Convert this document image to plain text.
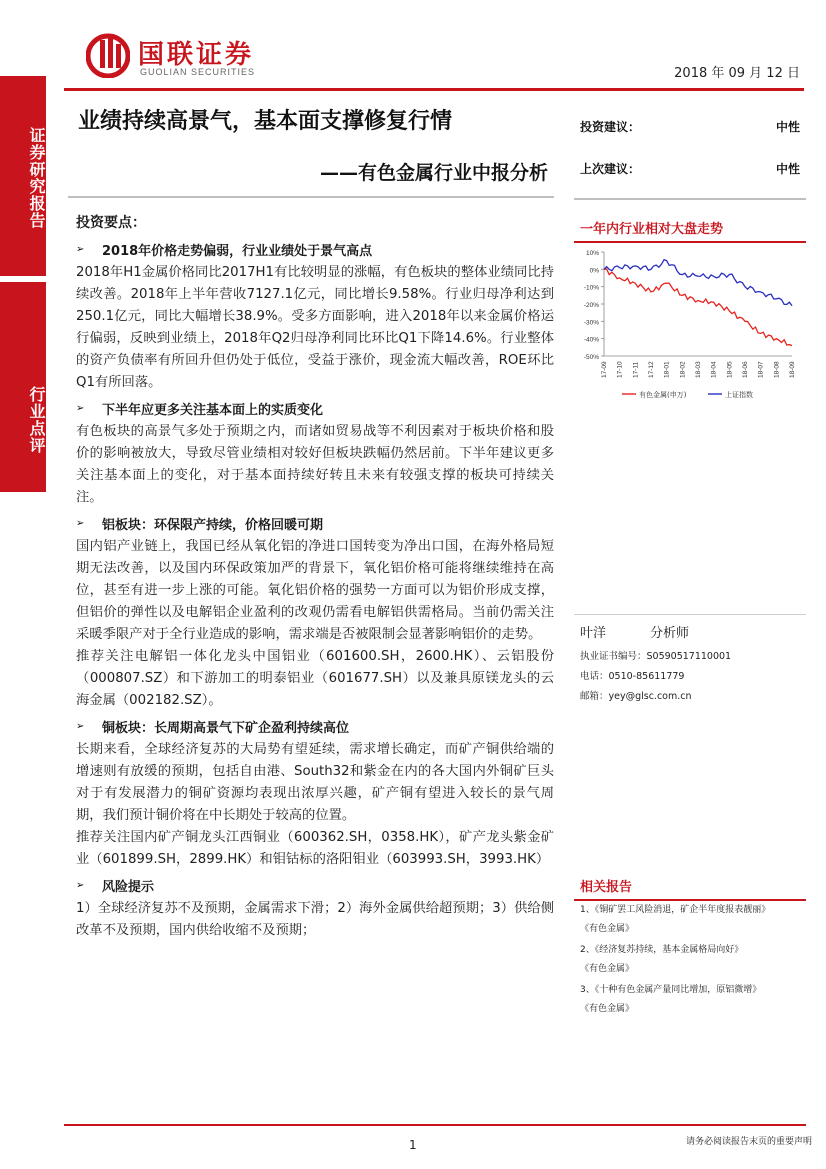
证券研究报告
行业点评
国联证券
GUOLIAN SECURITIES	2018 年 09 月 12 日
业绩持续高景气，基本面支撑修复行情
——有色金属行业中报分析
投资建议：	中性
上次建议：	中性
一年内行业相对大盘走势
10%
0%
-10%
-20%
-30%
-40%
-50%
17-09 17-10 17-11 17-12 18-01 18-02 18-03 18-04 18-05 18-06 18-07 18-08 18-09
有色金属(申万)	上证指数
叶洋	分析师
执业证书编号：S0590517110001
电话：0510-85611779
邮箱：yey@glsc.com.cn
相关报告
1、《铜矿罢工风险消退，矿企半年度报表靓丽》
《有色金属》
2、《经济复苏持续，基本金属格局向好》
《有色金属》
3、《十种有色金属产量同比增加，原铝微增》
《有色金属》
投资要点：
➢	2018年价格走势偏弱，行业业绩处于景气高点
2018年H1金属价格同比2017H1有比较明显的涨幅，有色板块的整体业绩同比持续改善。2018年上半年营收7127.1亿元，同比增长9.58%。行业归母净利达到250.1亿元，同比大幅增长38.9%。受多方面影响，进入2018年以来金属价格运行偏弱，反映到业绩上，2018年Q2归母净利同比环比Q1下降14.6%。行业整体的资产负债率有所回升但仍处于低位，受益于涨价，现金流大幅改善，ROE环比Q1有所回落。
➢	下半年应更多关注基本面上的实质变化
有色板块的高景气多处于预期之内，而诸如贸易战等不利因素对于板块价格和股价的影响被放大，导致尽管业绩相对较好但板块跌幅仍然居前。下半年建议更多关注基本面上的变化，对于基本面持续好转且未来有较强支撑的板块可持续关注。
➢	铝板块：环保限产持续，价格回暖可期
国内铝产业链上，我国已经从氧化铝的净进口国转变为净出口国，在海外格局短期无法改善，以及国内环保政策加严的背景下，氧化铝价格可能将继续维持在高位，甚至有进一步上涨的可能。氧化铝价格的强势一方面可以为铝价形成支撑，但铝价的弹性以及电解铝企业盈利的改观仍需看电解铝供需格局。当前仍需关注采暖季限产对于全行业造成的影响，需求端是否被限制会显著影响铝价的走势。
推荐关注电解铝一体化龙头中国铝业（601600.SH，2600.HK）、云铝股份（000807.SZ）和下游加工的明泰铝业（601677.SH）以及兼具原镁龙头的云海金属（002182.SZ）。
➢	铜板块：长周期高景气下矿企盈利持续高位
长期来看，全球经济复苏的大局势有望延续，需求增长确定，而矿产铜供给端的增速则有放缓的预期，包括自由港、South32和紫金在内的各大国内外铜矿巨头对于有发展潜力的铜矿资源均表现出浓厚兴趣，矿产铜有望进入较长的景气周期，我们预计铜价将在中长期处于较高的位置。
推荐关注国内矿产铜龙头江西铜业（600362.SH，0358.HK），矿产龙头紫金矿业（601899.SH，2899.HK）和钼钴标的洛阳钼业（603993.SH，3993.HK）
➢	风险提示
1）全球经济复苏不及预期，金属需求下滑；2）海外金属供给超预期；3）供给侧改革不及预期，国内供给收缩不及预期；
1	请务必阅读报告末页的重要声明
